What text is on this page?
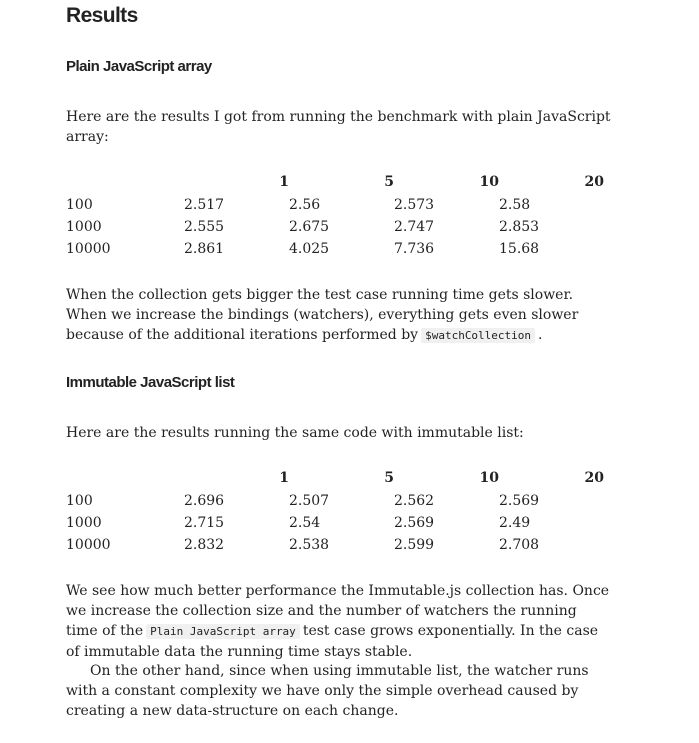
Results
Plain JavaScript array

Here are the results I got from running the benchmark with plain JavaScript array:

	1	5	10	20
100	2.517	2.56	2.573	2.58
1000	2.555	2.675	2.747	2.853
10000	2.861	4.025	7.736	15.68

When the collection gets bigger the test case running time gets slower. When we increase the bindings (watchers), everything gets even slower because of the additional iterations performed by $watchCollection .

Immutable JavaScript list

Here are the results running the same code with immutable list:

	1	5	10	20
100	2.696	2.507	2.562	2.569
1000	2.715	2.54	2.569	2.49
10000	2.832	2.538	2.599	2.708

We see how much better performance the Immutable.js collection has. Once we increase the collection size and the number of watchers the running time of the Plain JavaScript array test case grows exponentially. In the case of immutable data the running time stays stable.

On the other hand, since when using immutable list, the watcher runs with a constant complexity we have only the simple overhead caused by creating a new data-structure on each change.
